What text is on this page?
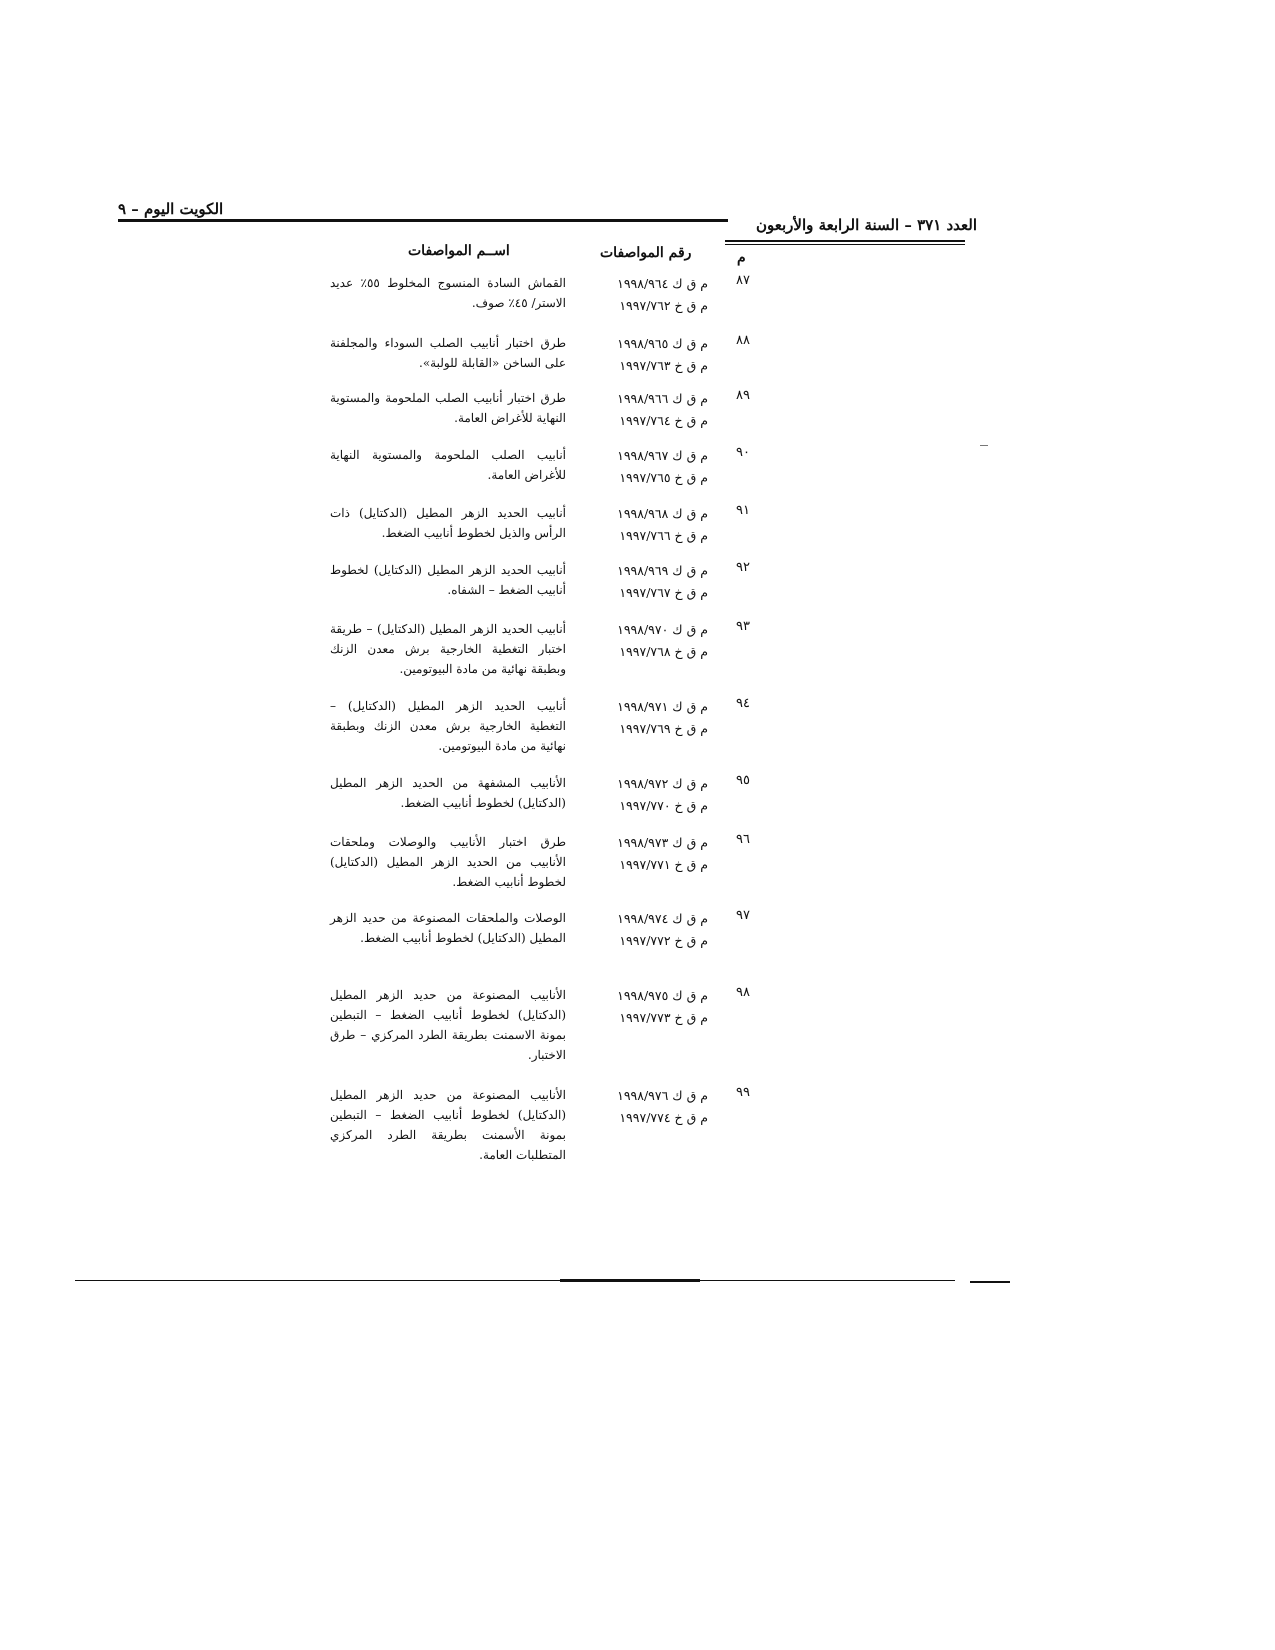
الكويت اليوم – ٩
العدد ٣٧١ – السنة الرابعة والأربعون
م
رقم المواصفات
اســم المواصفات
٨٧
م ق ك ١٩٩٨/٩٦٤
م ق خ ١٩٩٧/٧٦٢
القماش السادة المنسوج المخلوط ٥٥٪ عديد الاستر/ ٤٥٪ صوف.
٨٨
م ق ك ١٩٩٨/٩٦٥
م ق خ ١٩٩٧/٧٦٣
طرق اختبار أنابيب الصلب السوداء والمجلفنة على الساخن «القابلة للولبة».
٨٩
م ق ك ١٩٩٨/٩٦٦
م ق خ ١٩٩٧/٧٦٤
طرق اختبار أنابيب الصلب الملحومة والمستوية النهاية للأغراض العامة.
٩٠
م ق ك ١٩٩٨/٩٦٧
م ق خ ١٩٩٧/٧٦٥
أنابيب الصلب الملحومة والمستوية النهاية للأغراض العامة.
٩١
م ق ك ١٩٩٨/٩٦٨
م ق خ ١٩٩٧/٧٦٦
أنابيب الحديد الزهر المطيل (الدكتايل) ذات الرأس والذيل لخطوط أنابيب الضغط.
٩٢
م ق ك ١٩٩٨/٩٦٩
م ق خ ١٩٩٧/٧٦٧
أنابيب الحديد الزهر المطيل (الدكتايل) لخطوط أنابيب الضغط – الشفاه.
٩٣
م ق ك ١٩٩٨/٩٧٠
م ق خ ١٩٩٧/٧٦٨
أنابيب الحديد الزهر المطيل (الدكتايل) – طريقة اختبار التغطية الخارجية برش معدن الزنك وبطبقة نهائية من مادة البيوتومين.
٩٤
م ق ك ١٩٩٨/٩٧١
م ق خ ١٩٩٧/٧٦٩
أنابيب الحديد الزهر المطيل (الدكتايل) – التغطية الخارجية برش معدن الزنك وبطبقة نهائية من مادة البيوتومين.
٩٥
م ق ك ١٩٩٨/٩٧٢
م ق خ ١٩٩٧/٧٧٠
الأنابيب المشفهة من الحديد الزهر المطيل (الدكتايل) لخطوط أنابيب الضغط.
٩٦
م ق ك ١٩٩٨/٩٧٣
م ق خ ١٩٩٧/٧٧١
طرق اختبار الأنابيب والوصلات وملحقات الأنابيب من الحديد الزهر المطيل (الدكتايل) لخطوط أنابيب الضغط.
٩٧
م ق ك ١٩٩٨/٩٧٤
م ق خ ١٩٩٧/٧٧٢
الوصلات والملحقات المصنوعة من حديد الزهر المطيل (الدكتايل) لخطوط أنابيب الضغط.
٩٨
م ق ك ١٩٩٨/٩٧٥
م ق خ ١٩٩٧/٧٧٣
الأنابيب المصنوعة من حديد الزهر المطيل (الدكتايل) لخطوط أنابيب الضغط – التبطين بمونة الاسمنت بطريقة الطرد المركزي – طرق الاختبار.
٩٩
م ق ك ١٩٩٨/٩٧٦
م ق خ ١٩٩٧/٧٧٤
الأنابيب المصنوعة من حديد الزهر المطيل (الدكتايل) لخطوط أنابيب الضغط – التبطين بمونة الأسمنت بطريقة الطرد المركزي المتطلبات العامة.
